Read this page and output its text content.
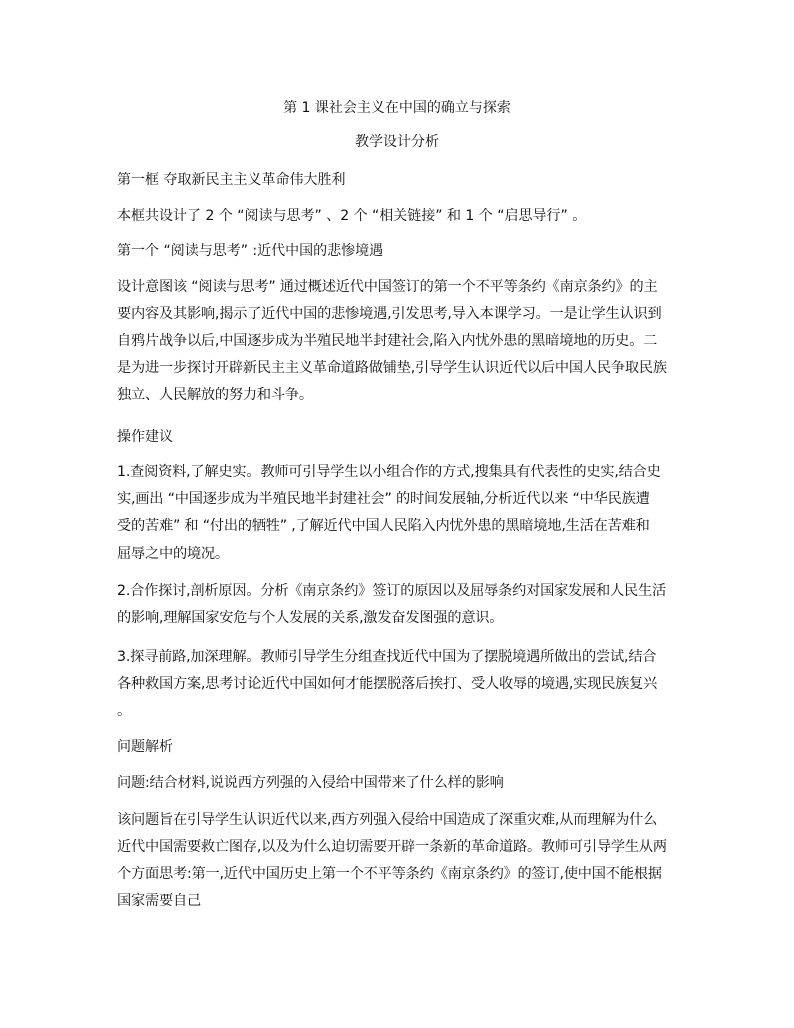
第 1 课社会主义在中国的确立与探索

教学设计分析

第一框 夺取新民主主义革命伟大胜利

本框共设计了 2 个 “阅读与思考” 、2 个 “相关链接” 和 1 个 “启思导行” 。

第一个 “阅读与思考” :近代中国的悲惨境遇

设计意图该 “阅读与思考” 通过概述近代中国签订的第一个不平等条约《南京条约》的主

要内容及其影响,揭示了近代中国的悲惨境遇,引发思考,导入本课学习。一是让学生认识到

自鸦片战争以后,中国逐步成为半殖民地半封建社会,陷入内忧外患的黑暗境地的历史。二

是为进一步探讨开辟新民主主义革命道路做铺垫,引导学生认识近代以后中国人民争取民族

独立、人民解放的努力和斗争。

操作建议

1.查阅资料,了解史实。教师可引导学生以小组合作的方式,搜集具有代表性的史实,结合史

实,画出 “中国逐步成为半殖民地半封建社会” 的时间发展轴,分析近代以来 “中华民族遭

受的苦难” 和 “付出的牺牲” ,了解近代中国人民陷入内忧外患的黑暗境地,生活在苦难和

屈辱之中的境况。

2.合作探讨,剖析原因。分析《南京条约》签订的原因以及屈辱条约对国家发展和人民生活

的影响,理解国家安危与个人发展的关系,激发奋发图强的意识。

3.探寻前路,加深理解。教师引导学生分组查找近代中国为了摆脱境遇所做出的尝试,结合

各种救国方案,思考讨论近代中国如何才能摆脱落后挨打、受人收辱的境遇,实现民族复兴

。

问题解析

问题:结合材料,说说西方列强的入侵给中国带来了什么样的影响

该问题旨在引导学生认识近代以来,西方列强入侵给中国造成了深重灾难,从而理解为什么

近代中国需要救亡图存,以及为什么迫切需要开辟一条新的革命道路。教师可引导学生从两

个方面思考:第一,近代中国历史上第一个不平等条约《南京条约》的签订,使中国不能根据

国家需要自己
